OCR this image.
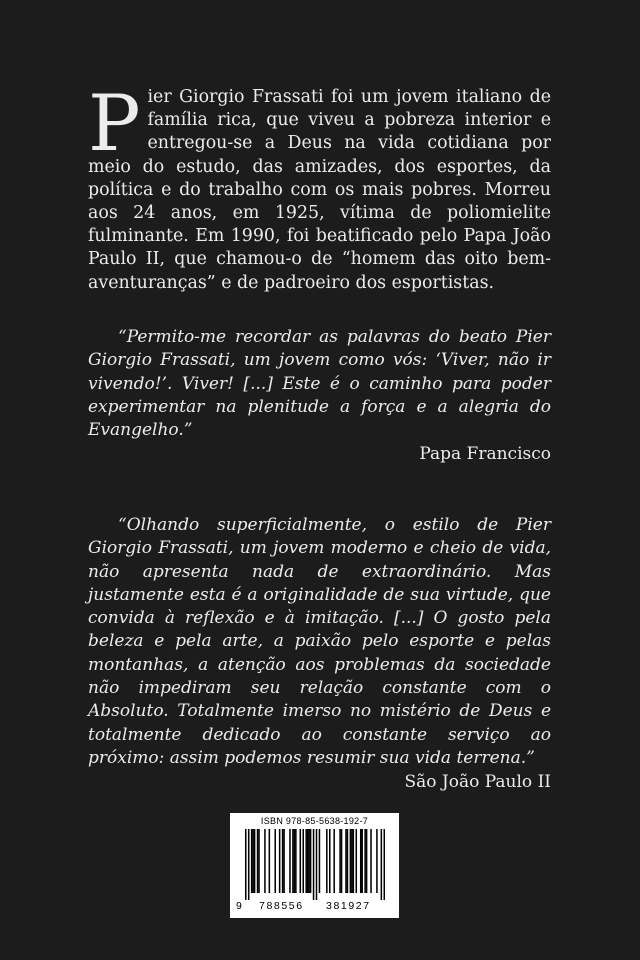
Pier Giorgio Frassati foi um jovem italiano de família rica, que viveu a pobreza interior e entregou-se a Deus na vida cotidiana por meio do estudo, das amizades, dos esportes, da política e do trabalho com os mais pobres. Morreu aos 24 anos, em 1925, vítima de poliomielite fulminante. Em 1990, foi beatificado pelo Papa João Paulo II, que chamou-o de “homem das oito bem-aventuranças” e de padroeiro dos esportistas.

“Permito-me recordar as palavras do beato Pier Giorgio Frassati, um jovem como vós: ‘Viver, não ir vivendo!’. Viver! [...] Este é o caminho para poder experimentar na plenitude a força e a alegria do Evangelho.”

Papa Francisco

“Olhando superficialmente, o estilo de Pier Giorgio Frassati, um jovem moderno e cheio de vida, não apresenta nada de extraordinário. Mas justamente esta é a originalidade de sua virtude, que convida à reflexão e à imitação. [...] O gosto pela beleza e pela arte, a paixão pelo esporte e pelas montanhas, a atenção aos problemas da sociedade não impediram seu relação constante com o Absoluto. Totalmente imerso no mistério de Deus e totalmente dedicado ao constante serviço ao próximo: assim podemos resumir sua vida terrena.”

São João Paulo II

ISBN 978-85-5638-192-7
9 788556 381927
